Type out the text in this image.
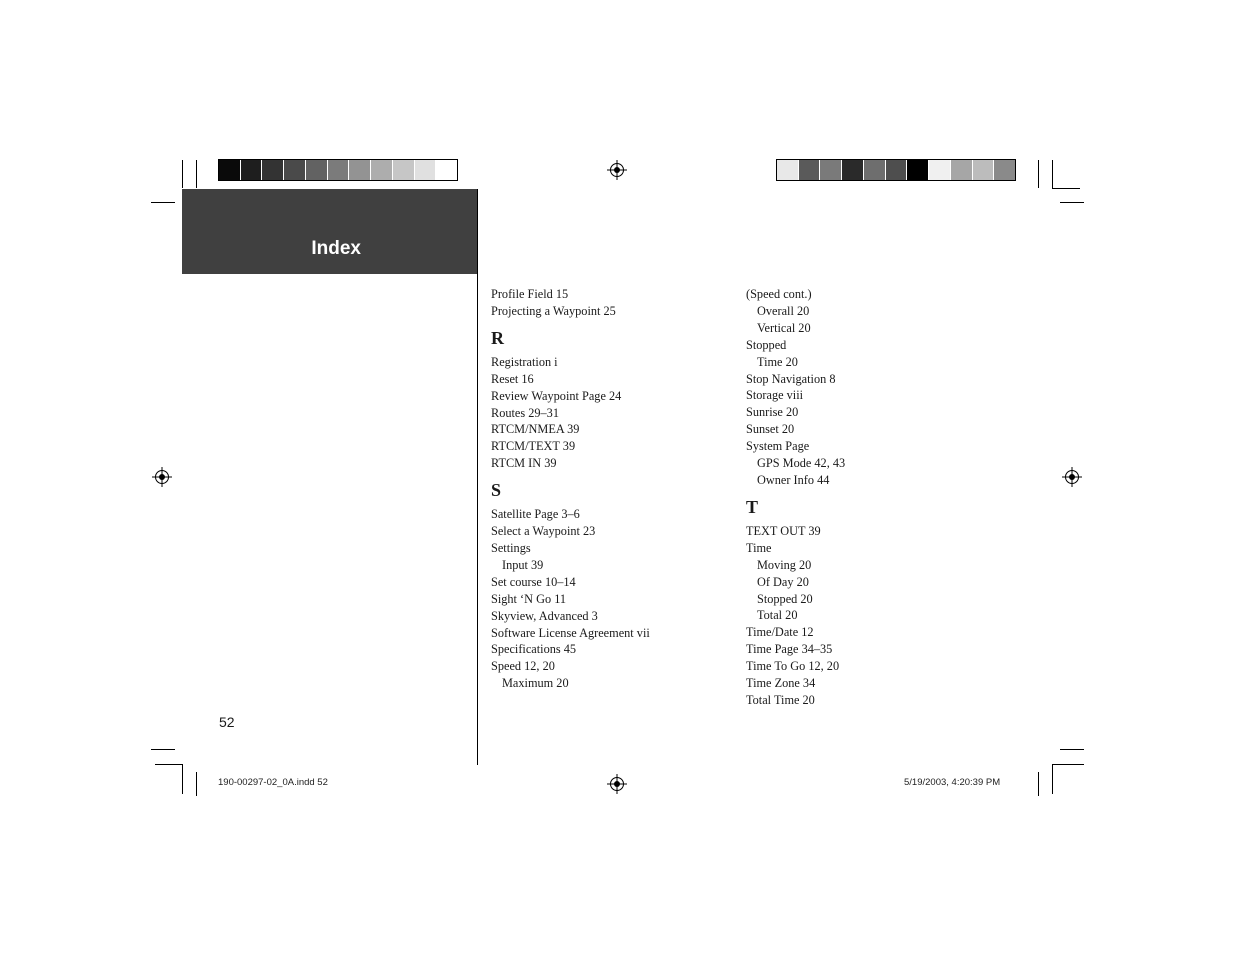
Index
Profile Field 15
Projecting a Waypoint 25
R
Registration i
Reset 16
Review Waypoint Page 24
Routes 29–31
RTCM/NMEA 39
RTCM/TEXT 39
RTCM IN 39
S
Satellite Page 3–6
Select a Waypoint 23
Settings
Input 39
Set course 10–14
Sight ‘N Go 11
Skyview, Advanced 3
Software License Agreement vii
Specifications 45
Speed 12, 20
Maximum 20
(Speed cont.)
Overall 20
Vertical 20
Stopped
Time 20
Stop Navigation 8
Storage viii
Sunrise 20
Sunset 20
System Page
GPS Mode 42, 43
Owner Info 44
T
TEXT OUT 39
Time
Moving 20
Of Day 20
Stopped 20
Total 20
Time/Date 12
Time Page 34–35
Time To Go 12, 20
Time Zone 34
Total Time 20
52
190-00297-02_0A.indd 52	5/19/2003, 4:20:39 PM
